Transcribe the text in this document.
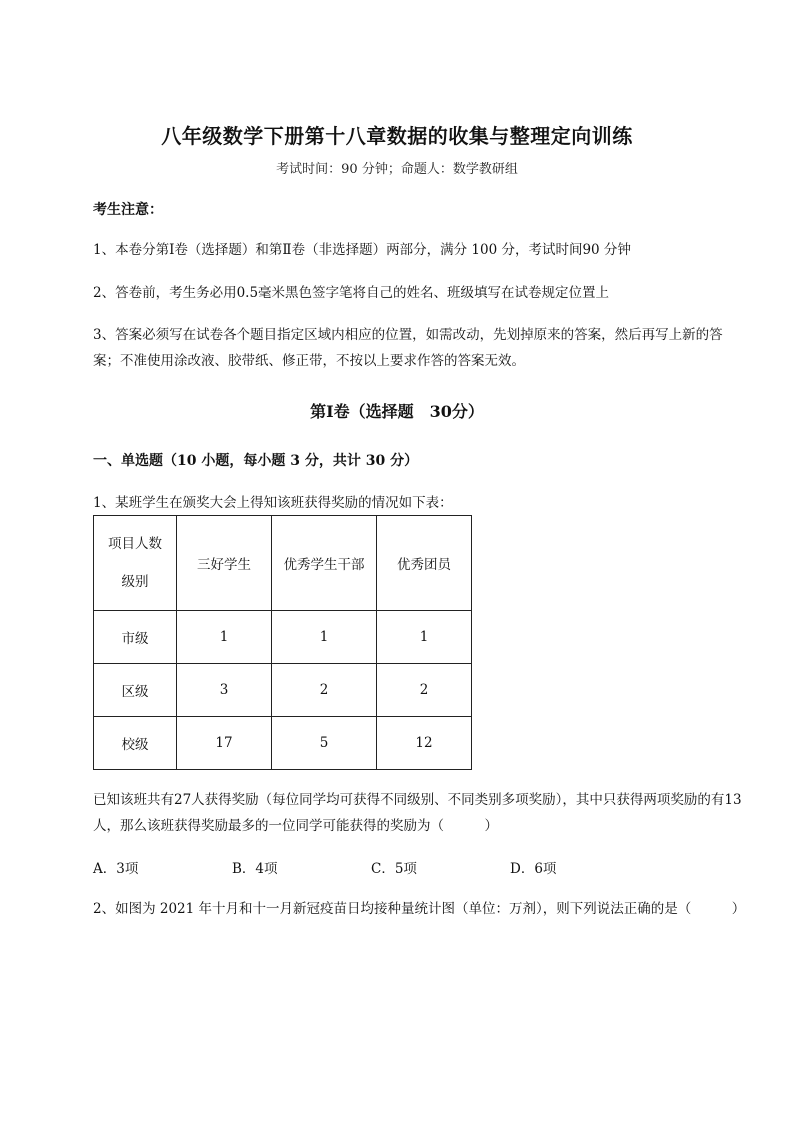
八年级数学下册第十八章数据的收集与整理定向训练
考试时间：90 分钟；命题人：数学教研组
考生注意：
1、本卷分第Ⅰ卷（选择题）和第Ⅱ卷（非选择题）两部分，满分 100 分，考试时间90 分钟
2、答卷前，考生务必用0.5毫米黑色签字笔将自己的姓名、班级填写在试卷规定位置上
3、答案必须写在试卷各个题目指定区域内相应的位置，如需改动，先划掉原来的答案，然后再写上新的答案；不准使用涂改液、胶带纸、修正带，不按以上要求作答的答案无效。
第Ⅰ卷（选择题　30分）
一、单选题（10 小题，每小题 3 分，共计 30 分）
1、某班学生在颁奖大会上得知该班获得奖励的情况如下表：
项目人数
级别	三好学生	优秀学生干部	优秀团员
市级	1	1	1
区级	3	2	2
校级	17	5	12
已知该班共有27人获得奖励（每位同学均可获得不同级别、不同类别多项奖励），其中只获得两项奖励的有13人，那么该班获得奖励最多的一位同学可能获得的奖励为（　　　）
A．3项	B．4项	C．5项	D．6项
2、如图为 2021 年十月和十一月新冠疫苗日均接种量统计图（单位：万剂），则下列说法正确的是（　　　）
